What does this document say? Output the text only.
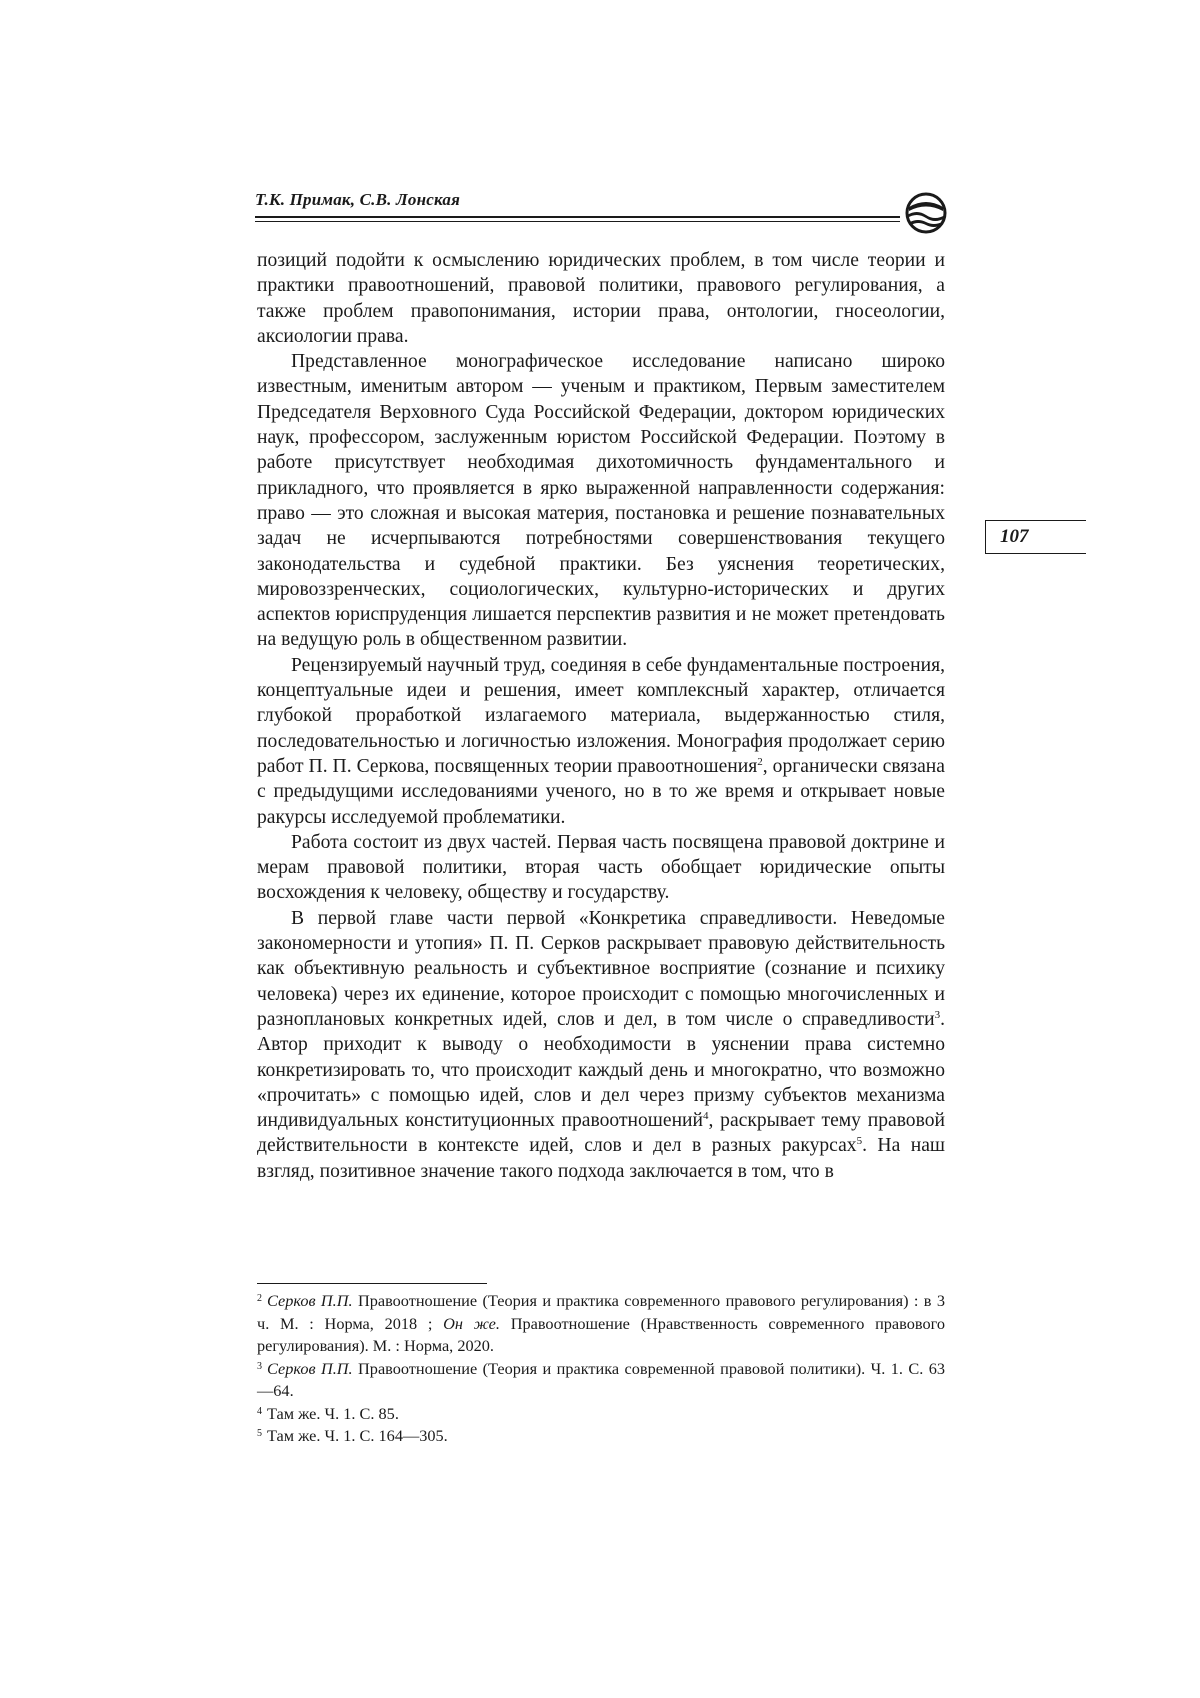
Т.К. Примак, С.В. Лонская
107

позиций подойти к осмыслению юридических проблем, в том числе теории и практики правоотношений, правовой политики, правового регулирования, а также проблем правопонимания, истории права, онтологии, гносеологии, аксиологии права.

Представленное монографическое исследование написано широко известным, именитым автором — ученым и практиком, Первым заместителем Председателя Верховного Суда Российской Федерации, доктором юридических наук, профессором, заслуженным юристом Российской Федерации. Поэтому в работе присутствует необходимая дихотомичность фундаментального и прикладного, что проявляется в ярко выраженной направленности содержания: право — это сложная и высокая материя, постановка и решение познавательных задач не исчерпываются потребностями совершенствования текущего законодательства и судебной практики. Без уяснения теоретических, мировоззренческих, социологических, культурно-исторических и других аспектов юриспруденция лишается перспектив развития и не может претендовать на ведущую роль в общественном развитии.

Рецензируемый научный труд, соединяя в себе фундаментальные построения, концептуальные идеи и решения, имеет комплексный характер, отличается глубокой проработкой излагаемого материала, выдержанностью стиля, последовательностью и логичностью изложения. Монография продолжает серию работ П. П. Серкова, посвященных теории правоотношения$^2$, органически связана с предыдущими исследованиями ученого, но в то же время и открывает новые ракурсы исследуемой проблематики.

Работа состоит из двух частей. Первая часть посвящена правовой доктрине и мерам правовой политики, вторая часть обобщает юридические опыты восхождения к человеку, обществу и государству.

В первой главе части первой «Конкретика справедливости. Неведомые закономерности и утопия» П. П. Серков раскрывает правовую действительность как объективную реальность и субъективное восприятие (сознание и психику человека) через их единение, которое происходит с помощью многочисленных и разноплановых конкретных идей, слов и дел, в том числе о справедливости$^3$. Автор приходит к выводу о необходимости в уяснении права системно конкретизировать то, что происходит каждый день и многократно, что возможно «прочитать» с помощью идей, слов и дел через призму субъектов механизма индивидуальных конституционных правоотношений$^4$, раскрывает тему правовой действительности в контексте идей, слов и дел в разных ракурсах$^5$. На наш взгляд, позитивное значение такого подхода заключается в том, что в

$^2$ Серков П.П. Правоотношение (Теория и практика современного правового регулирования) : в 3 ч. М. : Норма, 2018 ; Он же. Правоотношение (Нравственность современного правового регулирования). М. : Норма, 2020.

$^3$ Серков П.П. Правоотношение (Теория и практика современной правовой политики). Ч. 1. С. 63—64.

$^4$ Там же. Ч. 1. С. 85.

$^5$ Там же. Ч. 1. С. 164—305.
